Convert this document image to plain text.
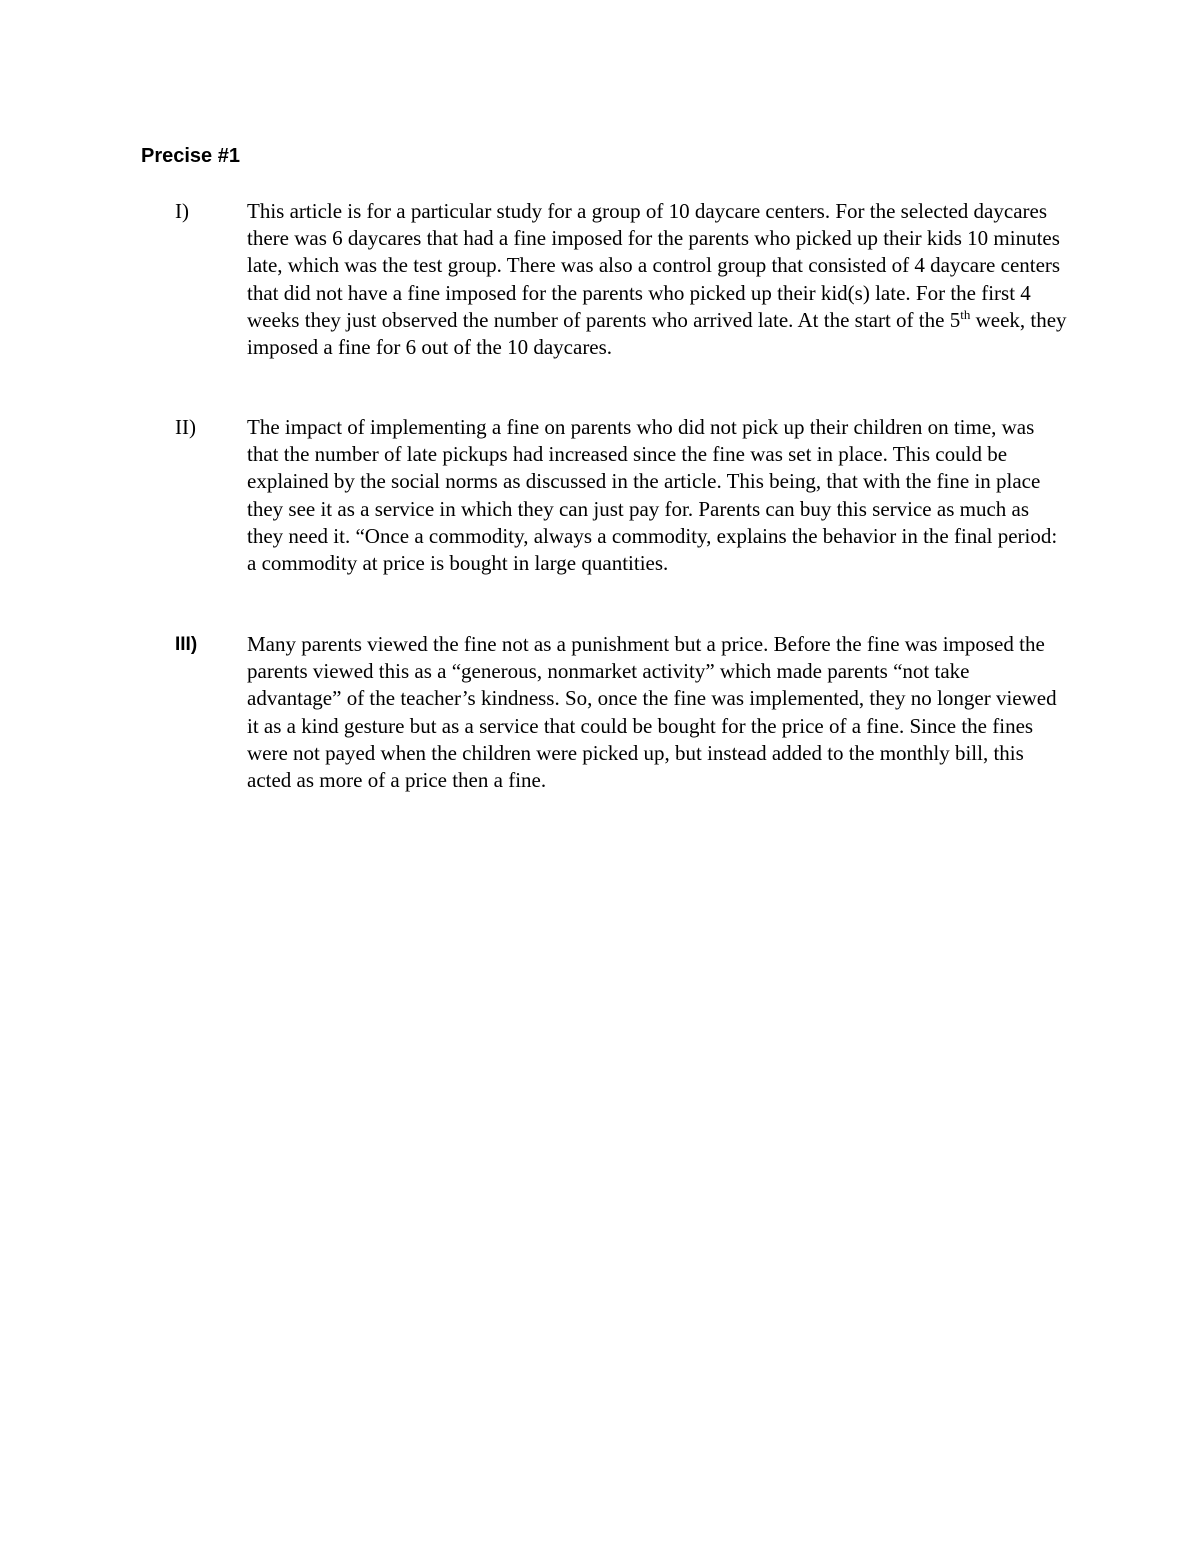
Precise #1
I)	This article is for a particular study for a group of 10 daycare centers. For the selected daycares there was 6 daycares that had a fine imposed for the parents who picked up their kids 10 minutes late, which was the test group. There was also a control group that consisted of 4 daycare centers that did not have a fine imposed for the parents who picked up their kid(s) late. For the first 4 weeks they just observed the number of parents who arrived late. At the start of the 5th week, they imposed a fine for 6 out of the 10 daycares.

II) The impact of implementing a fine on parents who did not pick up their children on time, was that the number of late pickups had increased since the fine was set in place. This could be explained by the social norms as discussed in the article. This being, that with the fine in place they see it as a service in which they can just pay for. Parents can buy this service as much as they need it. “Once a commodity, always a commodity, explains the behavior in the final period: a commodity at price is bought in large quantities.

III) Many parents viewed the fine not as a punishment but a price. Before the fine was imposed the parents viewed this as a “generous, nonmarket activity” which made parents “not take advantage” of the teacher’s kindness. So, once the fine was implemented, they no longer viewed it as a kind gesture but as a service that could be bought for the price of a fine. Since the fines were not payed when the children were picked up, but instead added to the monthly bill, this acted as more of a price then a fine.
